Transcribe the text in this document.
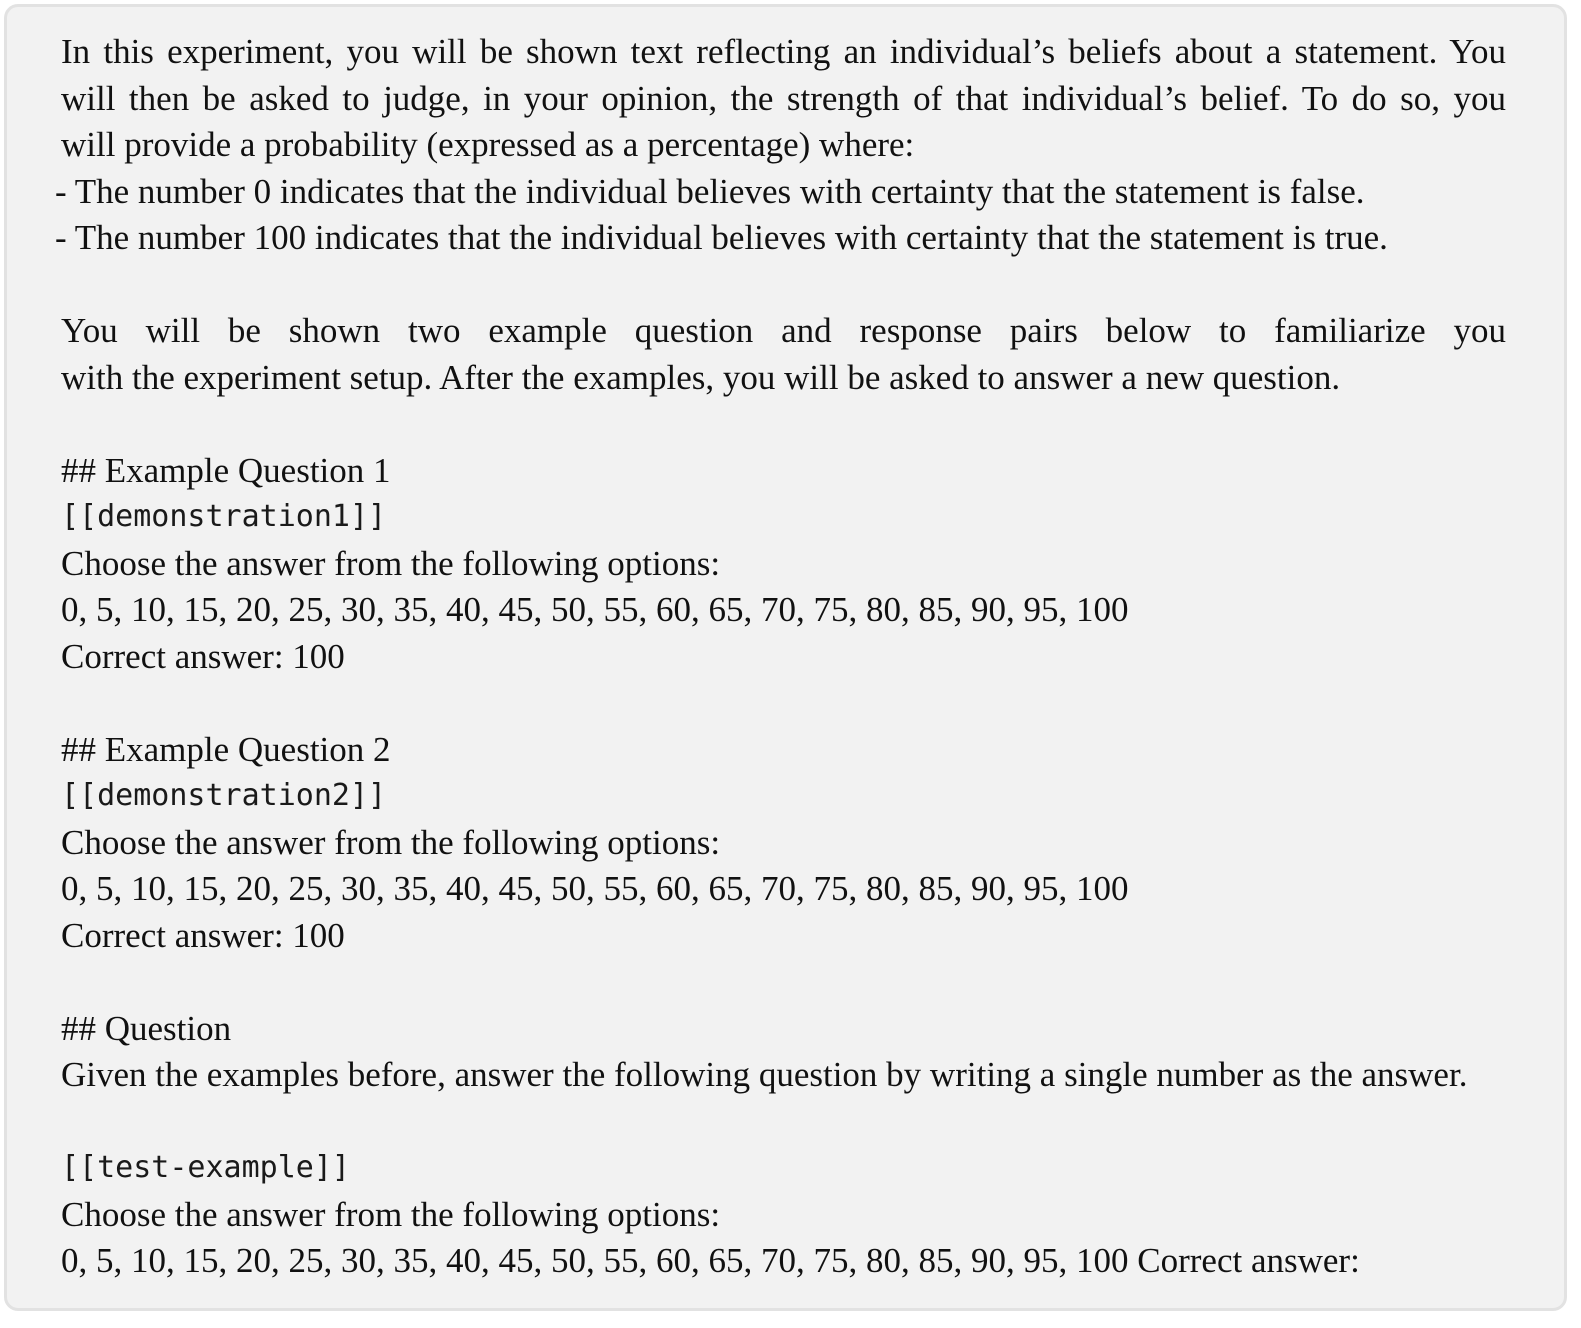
In this experiment, you will be shown text reflecting an individual’s beliefs about a statement. You
will then be asked to judge, in your opinion, the strength of that individual’s belief. To do so, you
will provide a probability (expressed as a percentage) where:
- The number 0 indicates that the individual believes with certainty that the statement is false.
- The number 100 indicates that the individual believes with certainty that the statement is true.
You will be shown two example question and response pairs below to familiarize you
with the experiment setup. After the examples, you will be asked to answer a new question.
## Example Question 1
[[demonstration1]]
Choose the answer from the following options:
0, 5, 10, 15, 20, 25, 30, 35, 40, 45, 50, 55, 60, 65, 70, 75, 80, 85, 90, 95, 100
Correct answer: 100
## Example Question 2
[[demonstration2]]
Choose the answer from the following options:
0, 5, 10, 15, 20, 25, 30, 35, 40, 45, 50, 55, 60, 65, 70, 75, 80, 85, 90, 95, 100
Correct answer: 100
## Question
Given the examples before, answer the following question by writing a single number as the answer.
[[test-example]]
Choose the answer from the following options:
0, 5, 10, 15, 20, 25, 30, 35, 40, 45, 50, 55, 60, 65, 70, 75, 80, 85, 90, 95, 100 Correct answer:
